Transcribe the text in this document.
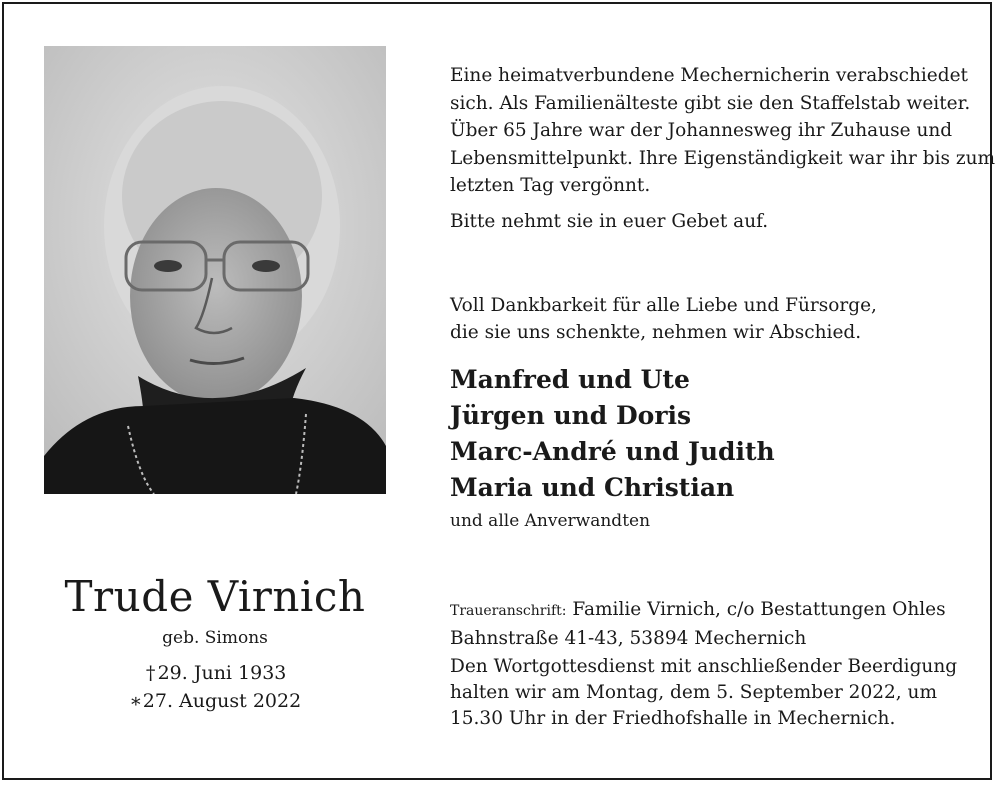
Trude Virnich
geb. Simons
† 29. Juni 1933
∗27. August 2022
Eine heimatverbundene Mechernicherin verabschiedet
sich. Als Familienälteste gibt sie den Staffelstab weiter.
Über 65 Jahre war der Johannesweg ihr Zuhause und
Lebensmittelpunkt. Ihre Eigenständigkeit war ihr bis zum
letzten Tag vergönnt.
Bitte nehmt sie in euer Gebet auf.
Voll Dankbarkeit für alle Liebe und Fürsorge,
die sie uns schenkte, nehmen wir Abschied.
Manfred und Ute
Jürgen und Doris
Marc-André und Judith
Maria und Christian
und alle Anverwandten
Traueranschrift: Familie Virnich, c/o Bestattungen Ohles
Bahnstraße 41-43, 53894 Mechernich
Den Wortgottesdienst mit anschließender Beerdigung
halten wir am Montag, dem 5. September 2022, um
15.30 Uhr in der Friedhofshalle in Mechernich.
